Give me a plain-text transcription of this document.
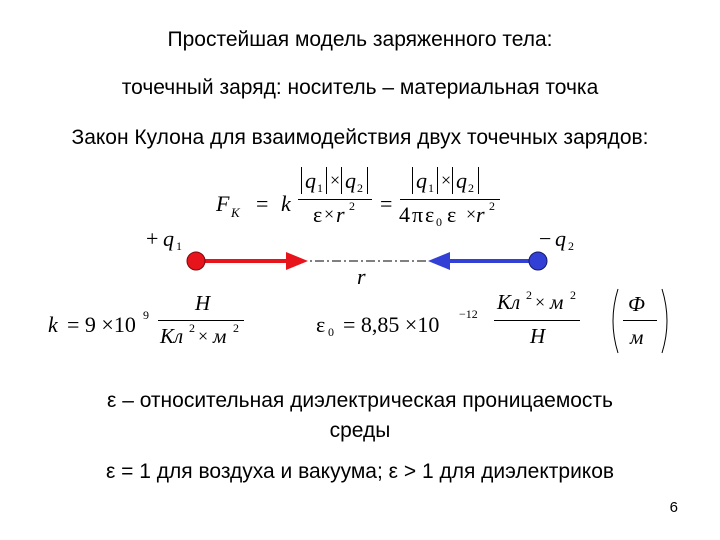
Простейшая модель заряженного тела:
точечный заряд: носитель – материальная точка
Закон Кулона для взаимодействия двух точечных зарядов:
F K = k
q 1 × q 2
ε × r 2 =
q 1 × q 2
4 π ε 0 ε × r 2
+ q 1	− q 2
r
k = 9 ×10 9 Н
Кл 2 × м 2	ε 0 = 8,85 ×10 −12 Кл 2 × м 2
Н
Ф
м
ε – относительная диэлектрическая проницаемость
среды
ε = 1 для воздуха и вакуума; ε > 1 для диэлектриков
6
